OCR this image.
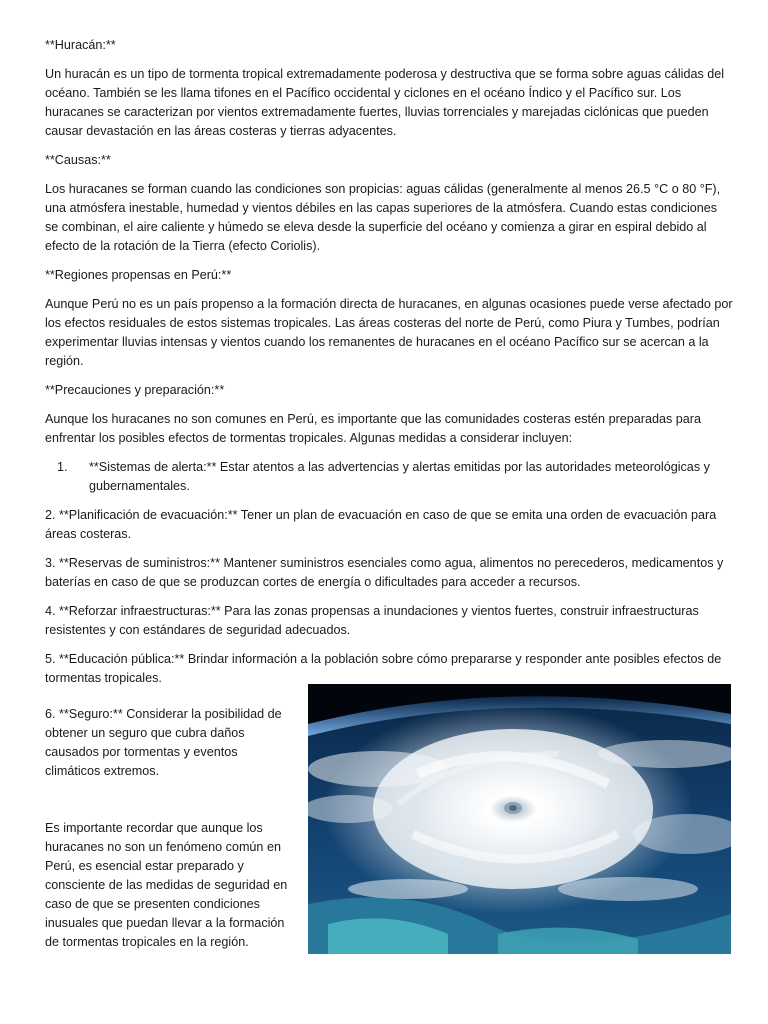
**Huracán:**

Un huracán es un tipo de tormenta tropical extremadamente poderosa y destructiva que se forma sobre aguas cálidas del océano. También se les llama tifones en el Pacífico occidental y ciclones en el océano Índico y el Pacífico sur. Los huracanes se caracterizan por vientos extremadamente fuertes, lluvias torrenciales y marejadas ciclónicas que pueden causar devastación en las áreas costeras y tierras adyacentes.

**Causas:**

Los huracanes se forman cuando las condiciones son propicias: aguas cálidas (generalmente al menos 26.5 °C o 80 °F), una atmósfera inestable, humedad y vientos débiles en las capas superiores de la atmósfera. Cuando estas condiciones se combinan, el aire caliente y húmedo se eleva desde la superficie del océano y comienza a girar en espiral debido al efecto de la rotación de la Tierra (efecto Coriolis).

**Regiones propensas en Perú:**

Aunque Perú no es un país propenso a la formación directa de huracanes, en algunas ocasiones puede verse afectado por los efectos residuales de estos sistemas tropicales. Las áreas costeras del norte de Perú, como Piura y Tumbes, podrían experimentar lluvias intensas y vientos cuando los remanentes de huracanes en el océano Pacífico sur se acercan a la región.

**Precauciones y preparación:**

Aunque los huracanes no son comunes en Perú, es importante que las comunidades costeras estén preparadas para enfrentar los posibles efectos de tormentas tropicales. Algunas medidas a considerar incluyen:

1.	**Sistemas de alerta:** Estar atentos a las advertencias y alertas emitidas por las autoridades meteorológicas y gubernamentales.

2. **Planificación de evacuación:** Tener un plan de evacuación en caso de que se emita una orden de evacuación para áreas costeras.

3. **Reservas de suministros:** Mantener suministros esenciales como agua, alimentos no perecederos, medicamentos y baterías en caso de que se produzcan cortes de energía o dificultades para acceder a recursos.

4. **Reforzar infraestructuras:** Para las zonas propensas a inundaciones y vientos fuertes, construir infraestructuras resistentes y con estándares de seguridad adecuados.

5. **Educación pública:** Brindar información a la población sobre cómo prepararse y responder ante posibles efectos de tormentas tropicales.

6. **Seguro:** Considerar la posibilidad de obtener un seguro que cubra daños causados por tormentas y eventos climáticos extremos.

Es importante recordar que aunque los huracanes no son un fenómeno común en Perú, es esencial estar preparado y consciente de las medidas de seguridad en caso de que se presenten condiciones inusuales que puedan llevar a la formación de tormentas tropicales en la región.
